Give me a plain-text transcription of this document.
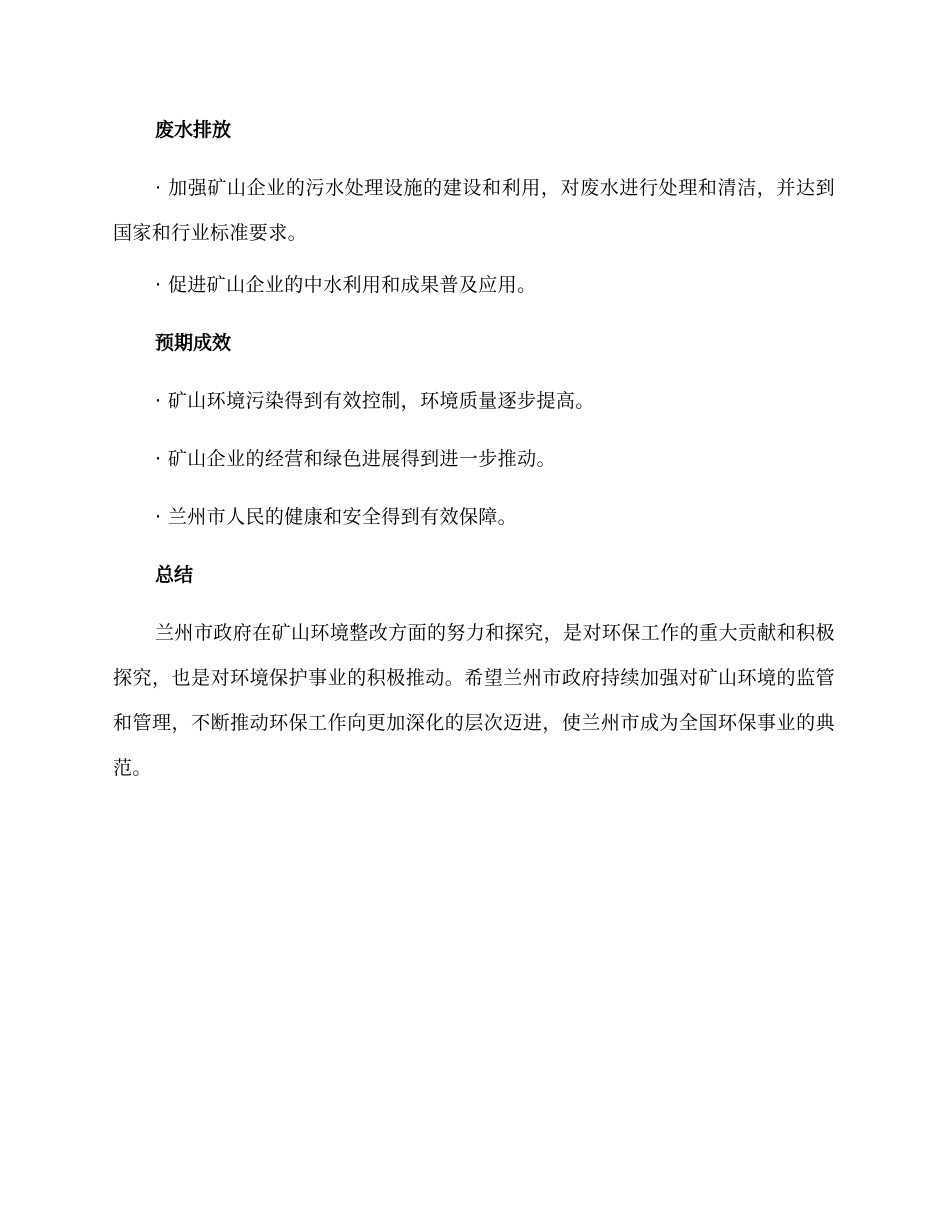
废水排放

· 加强矿山企业的污水处理设施的建设和利用，对废水进行处理和清洁，并达到国家和行业标准要求。

· 促进矿山企业的中水利用和成果普及应用。

预期成效

· 矿山环境污染得到有效控制，环境质量逐步提高。

· 矿山企业的经营和绿色进展得到进一步推动。

· 兰州市人民的健康和安全得到有效保障。

总结

兰州市政府在矿山环境整改方面的努力和探究，是对环保工作的重大贡献和积极探究，也是对环境保护事业的积极推动。希望兰州市政府持续加强对矿山环境的监管和管理，不断推动环保工作向更加深化的层次迈进，使兰州市成为全国环保事业的典范。
